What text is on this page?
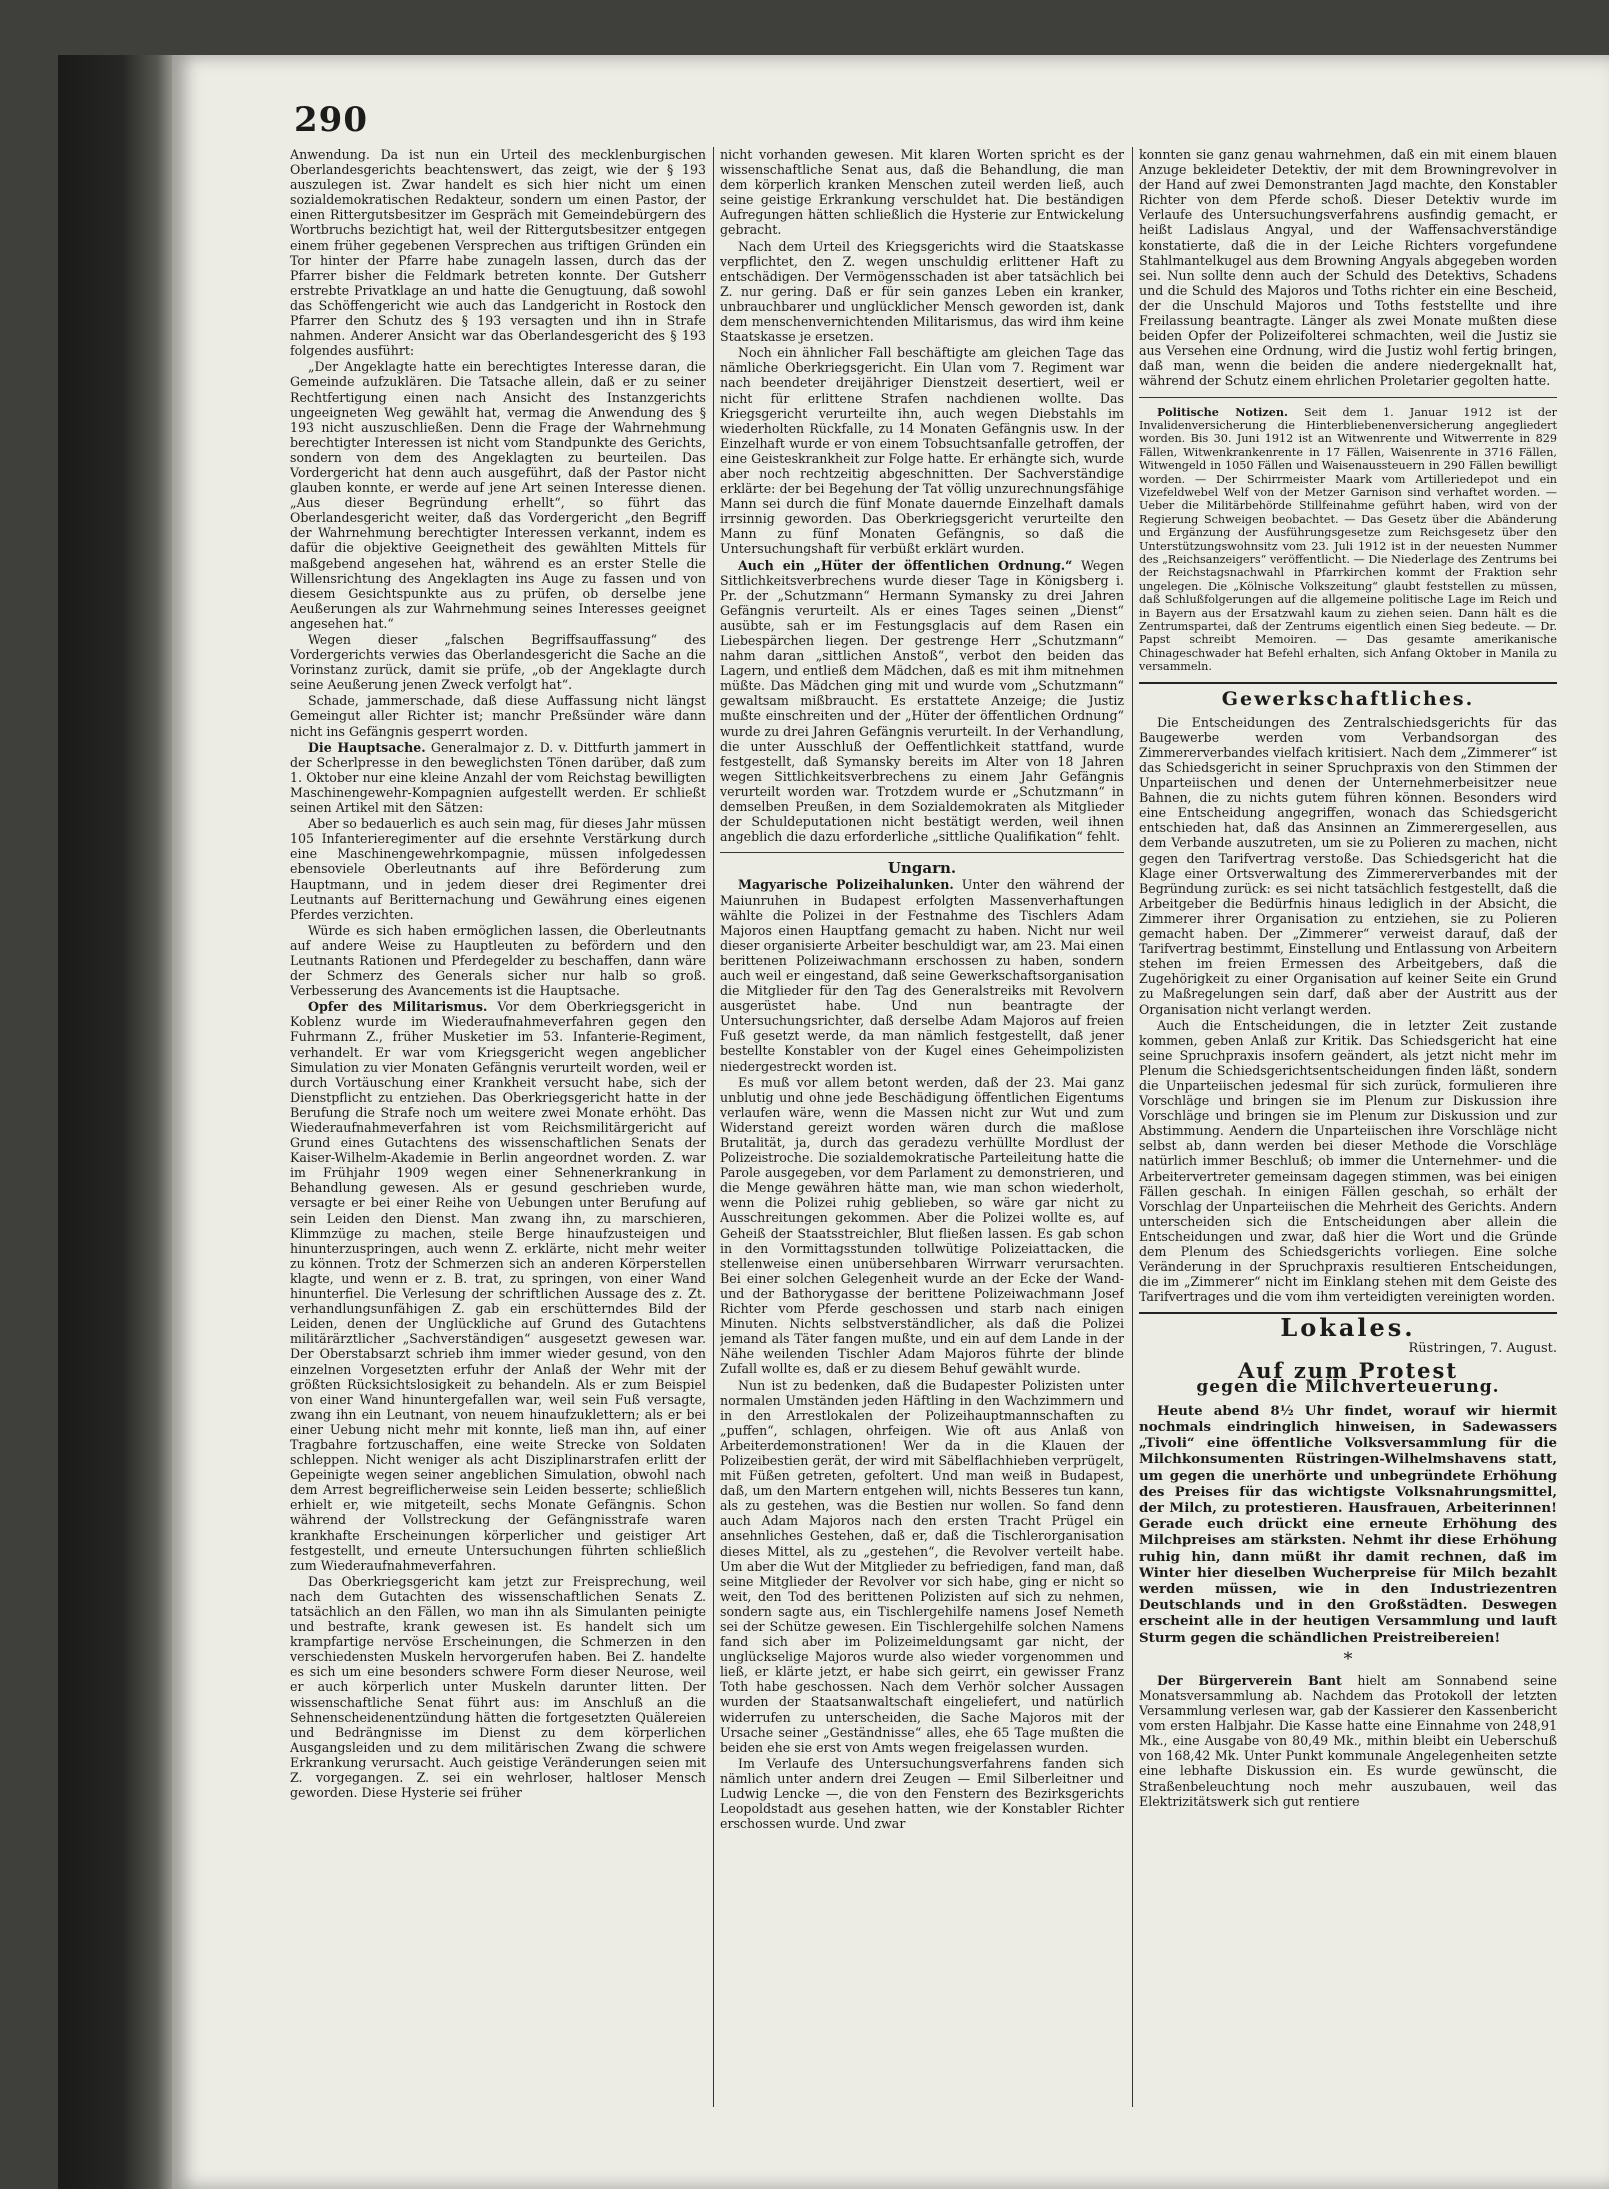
290

Anwendung. Da ist nun ein Urteil des mecklenburgischen Oberlandesgerichts beachtenswert, das zeigt, wie der § 193 auszulegen ist. Zwar handelt es sich hier nicht um einen sozialdemokratischen Redakteur, sondern um einen Pastor, der einen Rittergutsbesitzer im Gespräch mit Gemeindebürgern des Wortbruchs bezichtigt hat, weil der Rittergutsbesitzer entgegen einem früher gegebenen Versprechen aus triftigen Gründen ein Tor hinter der Pfarre habe zunageln lassen, durch das der Pfarrer bisher die Feldmark betreten konnte. Der Gutsherr erstrebte Privatklage an und hatte die Genugtuung, daß sowohl das Schöffengericht wie auch das Landgericht in Rostock den Pfarrer den Schutz des § 193 versagten und ihn in Strafe nahmen. Anderer Ansicht war das Oberlandesgericht des § 193 folgendes ausführt:

„Der Angeklagte hatte ein berechtigtes Interesse daran, die Gemeinde aufzuklären. Die Tatsache allein, daß er zu seiner Rechtfertigung einen nach Ansicht des Instanzgerichts ungeeigneten Weg gewählt hat, vermag die Anwendung des § 193 nicht auszuschließen. Denn die Frage der Wahrnehmung berechtigter Interessen ist nicht vom Standpunkte des Gerichts, sondern von dem des Angeklagten zu beurteilen. Das Vordergericht hat denn auch ausgeführt, daß der Pastor nicht glauben konnte, er werde auf jene Art seinen Interesse dienen. „Aus dieser Begründung erhellt“, so führt das Oberlandesgericht weiter, daß das Vordergericht „den Begriff der Wahrnehmung berechtigter Interessen verkannt, indem es dafür die objektive Geeignetheit des gewählten Mittels für maßgebend angesehen hat, während es an erster Stelle die Willensrichtung des Angeklagten ins Auge zu fassen und von diesem Gesichtspunkte aus zu prüfen, ob derselbe jene Aeußerungen als zur Wahrnehmung seines Interesses geeignet angesehen hat.“

Wegen dieser „falschen Begriffsauffassung“ des Vordergerichts verwies das Oberlandesgericht die Sache an die Vorinstanz zurück, damit sie prüfe, „ob der Angeklagte durch seine Aeußerung jenen Zweck verfolgt hat“.

Schade, jammerschade, daß diese Auffassung nicht längst Gemeingut aller Richter ist; manchr Preßsünder wäre dann nicht ins Gefängnis gesperrt worden.

Die Hauptsache. Generalmajor z. D. v. Dittfurth jammert in der Scherlpresse in den beweglichsten Tönen darüber, daß zum 1. Oktober nur eine kleine Anzahl der vom Reichstag bewilligten Maschinengewehr-Kompagnien aufgestellt werden. Er schließt seinen Artikel mit den Sätzen:

Aber so bedauerlich es auch sein mag, für dieses Jahr müssen 105 Infanterieregimenter auf die ersehnte Verstärkung durch eine Maschinengewehrkompagnie, müssen infolgedessen ebensoviele Oberleutnants auf ihre Beförderung zum Hauptmann, und in jedem dieser drei Regimenter drei Leutnants auf Beritternachung und Gewährung eines eigenen Pferdes verzichten.

Würde es sich haben ermöglichen lassen, die Oberleutnants auf andere Weise zu Hauptleuten zu befördern und den Leutnants Rationen und Pferdegelder zu beschaffen, dann wäre der Schmerz des Generals sicher nur halb so groß. Verbesserung des Avancements ist die Hauptsache.

Opfer des Militarismus. Vor dem Oberkriegsgericht in Koblenz wurde im Wiederaufnahmeverfahren gegen den Fuhrmann Z., früher Musketier im 53. Infanterie-Regiment, verhandelt. Er war vom Kriegsgericht wegen angeblicher Simulation zu vier Monaten Gefängnis verurteilt worden, weil er durch Vortäuschung einer Krankheit versucht habe, sich der Dienstpflicht zu entziehen. Das Oberkriegsgericht hatte in der Berufung die Strafe noch um weitere zwei Monate erhöht. Das Wiederaufnahmeverfahren ist vom Reichsmilitärgericht auf Grund eines Gutachtens des wissenschaftlichen Senats der Kaiser-Wilhelm-Akademie in Berlin angeordnet worden. Z. war im Frühjahr 1909 wegen einer Sehnenerkrankung in Behandlung gewesen. Als er gesund geschrieben wurde, versagte er bei einer Reihe von Uebungen unter Berufung auf sein Leiden den Dienst. Man zwang ihn, zu marschieren, Klimmzüge zu machen, steile Berge hinaufzusteigen und hinunterzuspringen, auch wenn Z. erklärte, nicht mehr weiter zu können. Trotz der Schmerzen sich an anderen Körperstellen klagte, und wenn er z. B. trat, zu springen, von einer Wand hinunterfiel. Die Verlesung der schriftlichen Aussage des z. Zt. verhandlungsunfähigen Z. gab ein erschütterndes Bild der Leiden, denen der Unglückliche auf Grund des Gutachtens militärärztlicher „Sachverständigen“ ausgesetzt gewesen war. Der Oberstabsarzt schrieb ihm immer wieder gesund, von den einzelnen Vorgesetzten erfuhr der Anlaß der Wehr mit der größten Rücksichtslosigkeit zu behandeln. Als er zum Beispiel von einer Wand hinuntergefallen war, weil sein Fuß versagte, zwang ihn ein Leutnant, von neuem hinaufzuklettern; als er bei einer Uebung nicht mehr mit konnte, ließ man ihn, auf einer Tragbahre fortzuschaffen, eine weite Strecke von Soldaten schleppen. Nicht weniger als acht Disziplinarstrafen erlitt der Gepeinigte wegen seiner angeblichen Simulation, obwohl nach dem Arrest begreiflicherweise sein Leiden besserte; schließlich erhielt er, wie mitgeteilt, sechs Monate Gefängnis. Schon während der Vollstreckung der Gefängnisstrafe waren krankhafte Erscheinungen körperlicher und geistiger Art festgestellt, und erneute Untersuchungen führten schließlich zum Wiederaufnahmeverfahren.

Das Oberkriegsgericht kam jetzt zur Freisprechung, weil nach dem Gutachten des wissenschaftlichen Senats Z. tatsächlich an den Fällen, wo man ihn als Simulanten peinigte und bestrafte, krank gewesen ist. Es handelt sich um krampfartige nervöse Erscheinungen, die Schmerzen in den verschiedensten Muskeln hervorgerufen haben. Bei Z. handelte es sich um eine besonders schwere Form dieser Neurose, weil er auch körperlich unter Muskeln darunter litten. Der wissenschaftliche Senat führt aus: im Anschluß an die Sehnenscheidenentzündung hätten die fortgesetzten Quälereien und Bedrängnisse im Dienst zu dem körperlichen Ausgangsleiden und zu dem militärischen Zwang die schwere Erkrankung verursacht. Auch geistige Veränderungen seien mit Z. vorgegangen. Z. sei ein wehrloser, haltloser Mensch geworden. Diese Hysterie sei früher

nicht vorhanden gewesen. Mit klaren Worten spricht es der wissenschaftliche Senat aus, daß die Behandlung, die man dem körperlich kranken Menschen zuteil werden ließ, auch seine geistige Erkrankung verschuldet hat. Die beständigen Aufregungen hätten schließlich die Hysterie zur Entwickelung gebracht.

Nach dem Urteil des Kriegsgerichts wird die Staatskasse verpflichtet, den Z. wegen unschuldig erlittener Haft zu entschädigen. Der Vermögensschaden ist aber tatsächlich bei Z. nur gering. Daß er für sein ganzes Leben ein kranker, unbrauchbarer und unglücklicher Mensch geworden ist, dank dem menschenvernichtenden Militarismus, das wird ihm keine Staatskasse je ersetzen.

Noch ein ähnlicher Fall beschäftigte am gleichen Tage das nämliche Oberkriegsgericht. Ein Ulan vom 7. Regiment war nach beendeter dreijähriger Dienstzeit desertiert, weil er nicht für erlittene Strafen nachdienen wollte. Das Kriegsgericht verurteilte ihn, auch wegen Diebstahls im wiederholten Rückfalle, zu 14 Monaten Gefängnis usw. In der Einzelhaft wurde er von einem Tobsuchtsanfalle getroffen, der eine Geisteskrankheit zur Folge hatte. Er erhängte sich, wurde aber noch rechtzeitig abgeschnitten. Der Sachverständige erklärte: der bei Begehung der Tat völlig unzurechnungsfähige Mann sei durch die fünf Monate dauernde Einzelhaft damals irrsinnig geworden. Das Oberkriegsgericht verurteilte den Mann zu fünf Monaten Gefängnis, so daß die Untersuchungshaft für verbüßt erklärt wurden.

Auch ein „Hüter der öffentlichen Ordnung.“ Wegen Sittlichkeitsverbrechens wurde dieser Tage in Königsberg i. Pr. der „Schutzmann“ Hermann Symansky zu drei Jahren Gefängnis verurteilt. Als er eines Tages seinen „Dienst“ ausübte, sah er im Festungsglacis auf dem Rasen ein Liebespärchen liegen. Der gestrenge Herr „Schutzmann“ nahm daran „sittlichen Anstoß“, verbot den beiden das Lagern, und entließ dem Mädchen, daß es mit ihm mitnehmen müßte. Das Mädchen ging mit und wurde vom „Schutzmann“ gewaltsam mißbraucht. Es erstattete Anzeige; die Justiz mußte einschreiten und der „Hüter der öffentlichen Ordnung“ wurde zu drei Jahren Gefängnis verurteilt. In der Verhandlung, die unter Ausschluß der Oeffentlichkeit stattfand, wurde festgestellt, daß Symansky bereits im Alter von 18 Jahren wegen Sittlichkeitsverbrechens zu einem Jahr Gefängnis verurteilt worden war. Trotzdem wurde er „Schutzmann“ in demselben Preußen, in dem Sozialdemokraten als Mitglieder der Schuldeputationen nicht bestätigt werden, weil ihnen angeblich die dazu erforderliche „sittliche Qualifikation“ fehlt.

Ungarn.

Magyarische Polizeihalunken. Unter den während der Maiunruhen in Budapest erfolgten Massenverhaftungen wählte die Polizei in der Festnahme des Tischlers Adam Majoros einen Hauptfang gemacht zu haben. Nicht nur weil dieser organisierte Arbeiter beschuldigt war, am 23. Mai einen berittenen Polizeiwachmann erschossen zu haben, sondern auch weil er eingestand, daß seine Gewerkschaftsorganisation die Mitglieder für den Tag des Generalstreiks mit Revolvern ausgerüstet habe. Und nun beantragte der Untersuchungsrichter, daß derselbe Adam Majoros auf freien Fuß gesetzt werde, da man nämlich festgestellt, daß jener bestellte Konstabler von der Kugel eines Geheimpolizisten niedergestreckt worden ist.

Es muß vor allem betont werden, daß der 23. Mai ganz unblutig und ohne jede Beschädigung öffentlichen Eigentums verlaufen wäre, wenn die Massen nicht zur Wut und zum Widerstand gereizt worden wären durch die maßlose Brutalität, ja, durch das geradezu verhüllte Mordlust der Polizeistroche. Die sozialdemokratische Parteileitung hatte die Parole ausgegeben, vor dem Parlament zu demonstrieren, und die Menge gewähren hätte man, wie man schon wiederholt, wenn die Polizei ruhig geblieben, so wäre gar nicht zu Ausschreitungen gekommen. Aber die Polizei wollte es, auf Geheiß der Staatsstreichler, Blut fließen lassen. Es gab schon in den Vormittagsstunden tollwütige Polizeiattacken, die stellenweise einen unübersehbaren Wirrwarr verursachten. Bei einer solchen Gelegenheit wurde an der Ecke der Wand- und der Bathorygasse der berittene Polizeiwachmann Josef Richter vom Pferde geschossen und starb nach einigen Minuten. Nichts selbstverständlicher, als daß die Polizei jemand als Täter fangen mußte, und ein auf dem Lande in der Nähe weilenden Tischler Adam Majoros führte der blinde Zufall wollte es, daß er zu diesem Behuf gewählt wurde.

Nun ist zu bedenken, daß die Budapester Polizisten unter normalen Umständen jeden Häftling in den Wachzimmern und in den Arrestlokalen der Polizeihauptmannschaften zu „puffen“, schlagen, ohrfeigen. Wie oft aus Anlaß von Arbeiterdemonstrationen! Wer da in die Klauen der Polizeibestien gerät, der wird mit Säbelflachhieben verprügelt, mit Füßen getreten, gefoltert. Und man weiß in Budapest, daß, um den Martern entgehen will, nichts Besseres tun kann, als zu gestehen, was die Bestien nur wollen. So fand denn auch Adam Majoros nach den ersten Tracht Prügel ein ansehnliches Gestehen, daß er, daß die Tischlerorganisation dieses Mittel, als zu „gestehen“, die Revolver verteilt habe. Um aber die Wut der Mitglieder zu befriedigen, fand man, daß seine Mitglieder der Revolver vor sich habe, ging er nicht so weit, den Tod des berittenen Polizisten auf sich zu nehmen, sondern sagte aus, ein Tischlergehilfe namens Josef Nemeth sei der Schütze gewesen. Ein Tischlergehilfe solchen Namens fand sich aber im Polizeimeldungsamt gar nicht, der unglückselige Majoros wurde also wieder vorgenommen und ließ, er klärte jetzt, er habe sich geirrt, ein gewisser Franz Toth habe geschossen. Nach dem Verhör solcher Aussagen wurden der Staatsanwaltschaft eingeliefert, und natürlich widerrufen zu unterscheiden, die Sache Majoros mit der Ursache seiner „Geständnisse“ alles, ehe 65 Tage mußten die beiden ehe sie erst von Amts wegen freigelassen wurden.

Im Verlaufe des Untersuchungsverfahrens fanden sich nämlich unter andern drei Zeugen — Emil Silberleitner und Ludwig Lencke —, die von den Fenstern des Bezirksgerichts Leopoldstadt aus gesehen hatten, wie der Konstabler Richter erschossen wurde. Und zwar

konnten sie ganz genau wahrnehmen, daß ein mit einem blauen Anzuge bekleideter Detektiv, der mit dem Browningrevolver in der Hand auf zwei Demonstranten Jagd machte, den Konstabler Richter von dem Pferde schoß. Dieser Detektiv wurde im Verlaufe des Untersuchungsverfahrens ausfindig gemacht, er heißt Ladislaus Angyal, und der Waffensachverständige konstatierte, daß die in der Leiche Richters vorgefundene Stahlmantelkugel aus dem Browning Angyals abgegeben worden sei. Nun sollte denn auch der Schuld des Detektivs, Schadens und die Schuld des Majoros und Toths richter ein eine Bescheid, der die Unschuld Majoros und Toths feststellte und ihre Freilassung beantragte. Länger als zwei Monate mußten diese beiden Opfer der Polizeifolterei schmachten, weil die Justiz sie aus Versehen eine Ordnung, wird die Justiz wohl fertig bringen, daß man, wenn die beiden die andere niedergeknallt hat, während der Schutz einem ehrlichen Proletarier gegolten hatte.

Politische Notizen. Seit dem 1. Januar 1912 ist der Invalidenversicherung die Hinterbliebenenversicherung angegliedert worden. Bis 30. Juni 1912 ist an Witwenrente und Witwerrente in 829 Fällen, Witwenkrankenrente in 17 Fällen, Waisenrente in 3716 Fällen, Witwengeld in 1050 Fällen und Waisenaussteuern in 290 Fällen bewilligt worden. — Der Schirrmeister Maark vom Artilleriedepot und ein Vizefeldwebel Welf von der Metzer Garnison sind verhaftet worden. — Ueber die Militärbehörde Stillfeinahme geführt haben, wird von der Regierung Schweigen beobachtet. — Das Gesetz über die Abänderung und Ergänzung der Ausführungsgesetze zum Reichsgesetz über den Unterstützungswohnsitz vom 23. Juli 1912 ist in der neuesten Nummer des „Reichsanzeigers“ veröffentlicht. — Die Niederlage des Zentrums bei der Reichstagsnachwahl in Pfarrkirchen kommt der Fraktion sehr ungelegen. Die „Kölnische Volkszeitung“ glaubt feststellen zu müssen, daß Schlußfolgerungen auf die allgemeine politische Lage im Reich und in Bayern aus der Ersatzwahl kaum zu ziehen seien. Dann hält es die Zentrumspartei, daß der Zentrums eigentlich einen Sieg bedeute. — Dr. Papst schreibt Memoiren. — Das gesamte amerikanische Chinageschwader hat Befehl erhalten, sich Anfang Oktober in Manila zu versammeln.

Gewerkschaftliches.

Die Entscheidungen des Zentralschiedsgerichts für das Baugewerbe werden vom Verbandsorgan des Zimmererverbandes vielfach kritisiert. Nach dem „Zimmerer“ ist das Schiedsgericht in seiner Spruchpraxis von den Stimmen der Unparteiischen und denen der Unternehmerbeisitzer neue Bahnen, die zu nichts gutem führen können. Besonders wird eine Entscheidung angegriffen, wonach das Schiedsgericht entschieden hat, daß das Ansinnen an Zimmerergesellen, aus dem Verbande auszutreten, um sie zu Polieren zu machen, nicht gegen den Tarifvertrag verstoße. Das Schiedsgericht hat die Klage einer Ortsverwaltung des Zimmererverbandes mit der Begründung zurück: es sei nicht tatsächlich festgestellt, daß die Arbeitgeber die Bedürfnis hinaus lediglich in der Absicht, die Zimmerer ihrer Organisation zu entziehen, sie zu Polieren gemacht haben. Der „Zimmerer“ verweist darauf, daß der Tarifvertrag bestimmt, Einstellung und Entlassung von Arbeitern stehen im freien Ermessen des Arbeitgebers, daß die Zugehörigkeit zu einer Organisation auf keiner Seite ein Grund zu Maßregelungen sein darf, daß aber der Austritt aus der Organisation nicht verlangt werden.

Auch die Entscheidungen, die in letzter Zeit zustande kommen, geben Anlaß zur Kritik. Das Schiedsgericht hat eine seine Spruchpraxis insofern geändert, als jetzt nicht mehr im Plenum die Schiedsgerichtsentscheidungen finden läßt, sondern die Unparteiischen jedesmal für sich zurück, formulieren ihre Vorschläge und bringen sie im Plenum zur Diskussion ihre Vorschläge und bringen sie im Plenum zur Diskussion und zur Abstimmung. Aendern die Unparteiischen ihre Vorschläge nicht selbst ab, dann werden bei dieser Methode die Vorschläge natürlich immer Beschluß; ob immer die Unternehmer- und die Arbeitervertreter gemeinsam dagegen stimmen, was bei einigen Fällen geschah. In einigen Fällen geschah, so erhält der Vorschlag der Unparteiischen die Mehrheit des Gerichts. Andern unterscheiden sich die Entscheidungen aber allein die Entscheidungen und zwar, daß hier die Wort und die Gründe dem Plenum des Schiedsgerichts vorliegen. Eine solche Veränderung in der Spruchpraxis resultieren Entscheidungen, die im „Zimmerer“ nicht im Einklang stehen mit dem Geiste des Tarifvertrages und die vom ihm verteidigten vereinigten worden.

Lokales.
Rüstringen, 7. August.
Auf zum Protest
gegen die Milchverteuerung.

Heute abend 8½ Uhr findet, worauf wir hiermit nochmals eindringlich hinweisen, in Sadewassers „Tivoli“ eine öffentliche Volksversammlung für die Milchkonsumenten Rüstringen-Wilhelmshavens statt, um gegen die unerhörte und unbegründete Erhöhung des Preises für das wichtigste Volksnahrungsmittel, der Milch, zu protestieren. Hausfrauen, Arbeiterinnen! Gerade euch drückt eine erneute Erhöhung des Milchpreises am stärksten. Nehmt ihr diese Erhöhung ruhig hin, dann müßt ihr damit rechnen, daß im Winter hier dieselben Wucherpreise für Milch bezahlt werden müssen, wie in den Industriezentren Deutschlands und in den Großstädten. Deswegen erscheint alle in der heutigen Versammlung und lauft Sturm gegen die schändlichen Preistreibereien!

*

Der Bürgerverein Bant hielt am Sonnabend seine Monatsversammlung ab. Nachdem das Protokoll der letzten Versammlung verlesen war, gab der Kassierer den Kassenbericht vom ersten Halbjahr. Die Kasse hatte eine Einnahme von 248,91 Mk., eine Ausgabe von 80,49 Mk., mithin bleibt ein Ueberschuß von 168,42 Mk. Unter Punkt kommunale Angelegenheiten setzte eine lebhafte Diskussion ein. Es wurde gewünscht, die Straßenbeleuchtung noch mehr auszubauen, weil das Elektrizitätswerk sich gut rentiere
